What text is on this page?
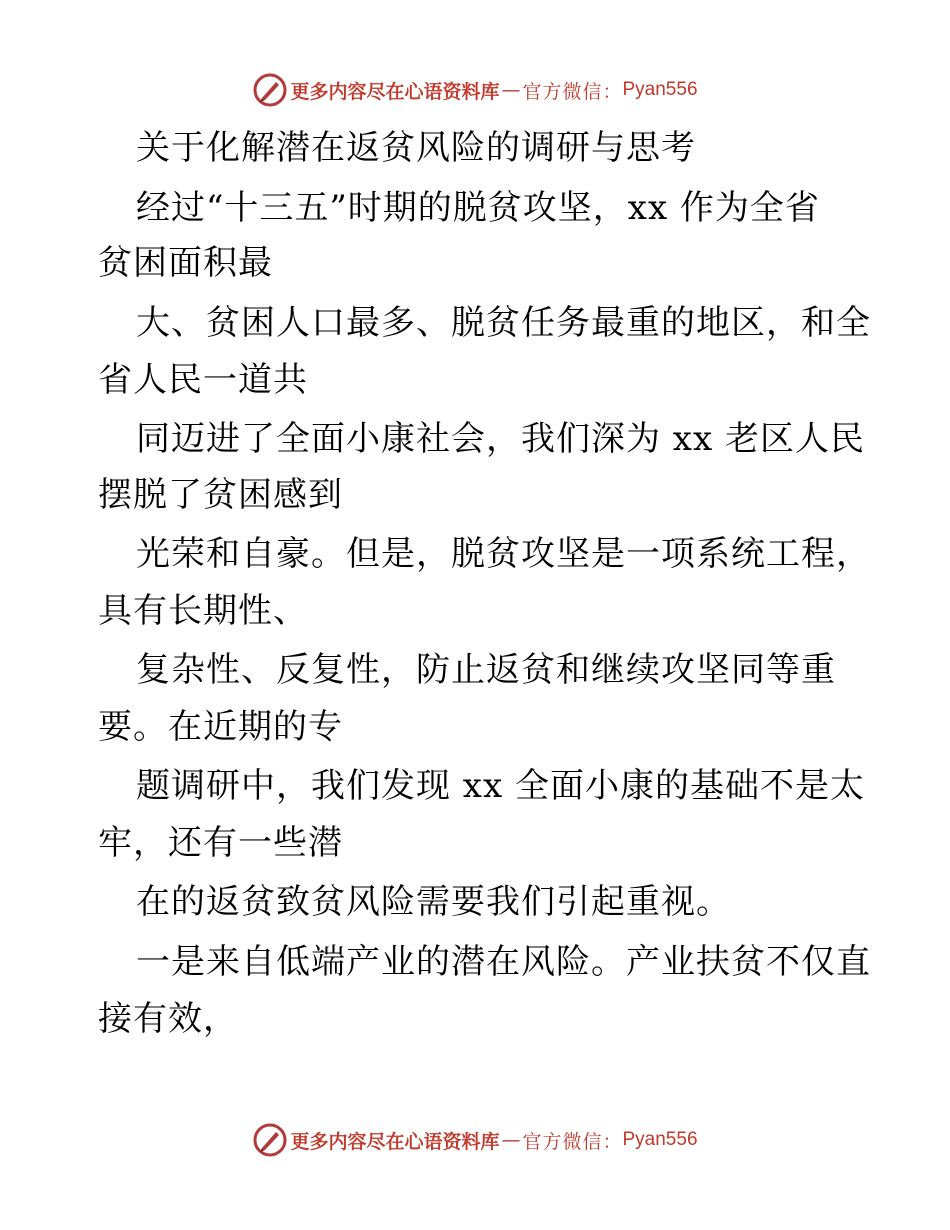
更多内容尽在心语资料库 — 官方微信： Pyan556
关于化解潜在返贫风险的调研与思考
经过“十三五”时期的脱贫攻坚，xx 作为全省
贫困面积最
大、贫困人口最多、脱贫任务最重的地区，和全
省人民一道共
同迈进了全面小康社会，我们深为 xx 老区人民
摆脱了贫困感到
光荣和自豪。但是，脱贫攻坚是一项系统工程，
具有长期性、
复杂性、反复性，防止返贫和继续攻坚同等重
要。在近期的专
题调研中，我们发现 xx 全面小康的基础不是太
牢，还有一些潜
在的返贫致贫风险需要我们引起重视。
一是来自低端产业的潜在风险。产业扶贫不仅直
接有效，
更多内容尽在心语资料库 — 官方微信： Pyan556
